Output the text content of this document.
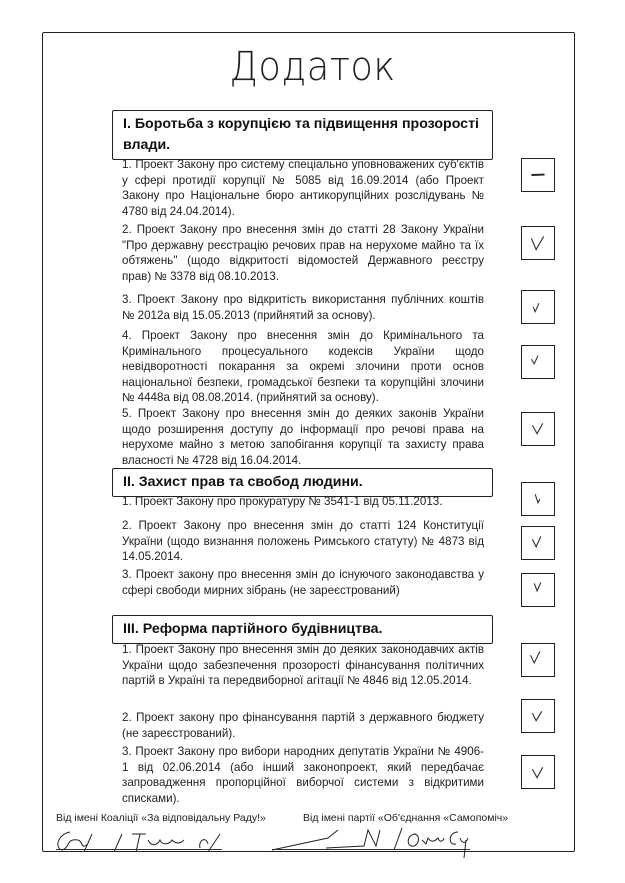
Додаток
І. Боротьба з корупцією та підвищення прозорості влади.
1. Проект Закону про систему спеціально уповноважених суб'єктів у сфері протидії корупції № 5085 від 16.09.2014 (або Проект Закону про Національне бюро антикорупційних розслідувань № 4780 від 24.04.2014).
2. Проект Закону про внесення змін до статті 28 Закону України "Про державну реєстрацію речових прав на нерухоме майно та їх обтяжень" (щодо відкритості відомостей Державного реєстру прав) № 3378 від 08.10.2013.
3. Проект Закону про відкритість використання публічних коштів № 2012а від 15.05.2013 (прийнятий за основу).
4. Проект Закону про внесення змін до Кримінального та Кримінального процесуального кодексів України щодо невідворотності покарання за окремі злочини проти основ національної безпеки, громадської безпеки та корупційні злочини № 4448а від 08.08.2014. (прийнятий за основу).
5. Проект Закону про внесення змін до деяких законів України щодо розширення доступу до інформації про речові права на нерухоме майно з метою запобігання корупції та захисту права власності № 4728 від 16.04.2014.
ІІ. Захист прав та свобод людини.
1. Проект Закону про прокуратуру № 3541-1 від 05.11.2013.
2. Проект Закону про внесення змін до статті 124 Конституції України (щодо визнання положень Римського статуту) № 4873 від 14.05.2014.
3. Проект закону про внесення змін до існуючого законодавства у сфері свободи мирних зібрань (не зареєстрований)
ІІІ. Реформа партійного будівництва.
1. Проект Закону про внесення змін до деяких законодавчих актів України щодо забезпечення прозорості фінансування політичних партій в Україні та передвиборної агітації № 4846 від 12.05.2014.
2. Проект закону про фінансування партій з державного бюджету (не зареєстрований).
3. Проект Закону про вибори народних депутатів України № 4906-1 від 02.06.2014 (або інший законопроект, який передбачає запровадження пропорційної виборчої системи з відкритими списками).
Від імені Коаліції «За відповідальну Раду!»	Від імені партії «Об'єднання «Самопоміч»
